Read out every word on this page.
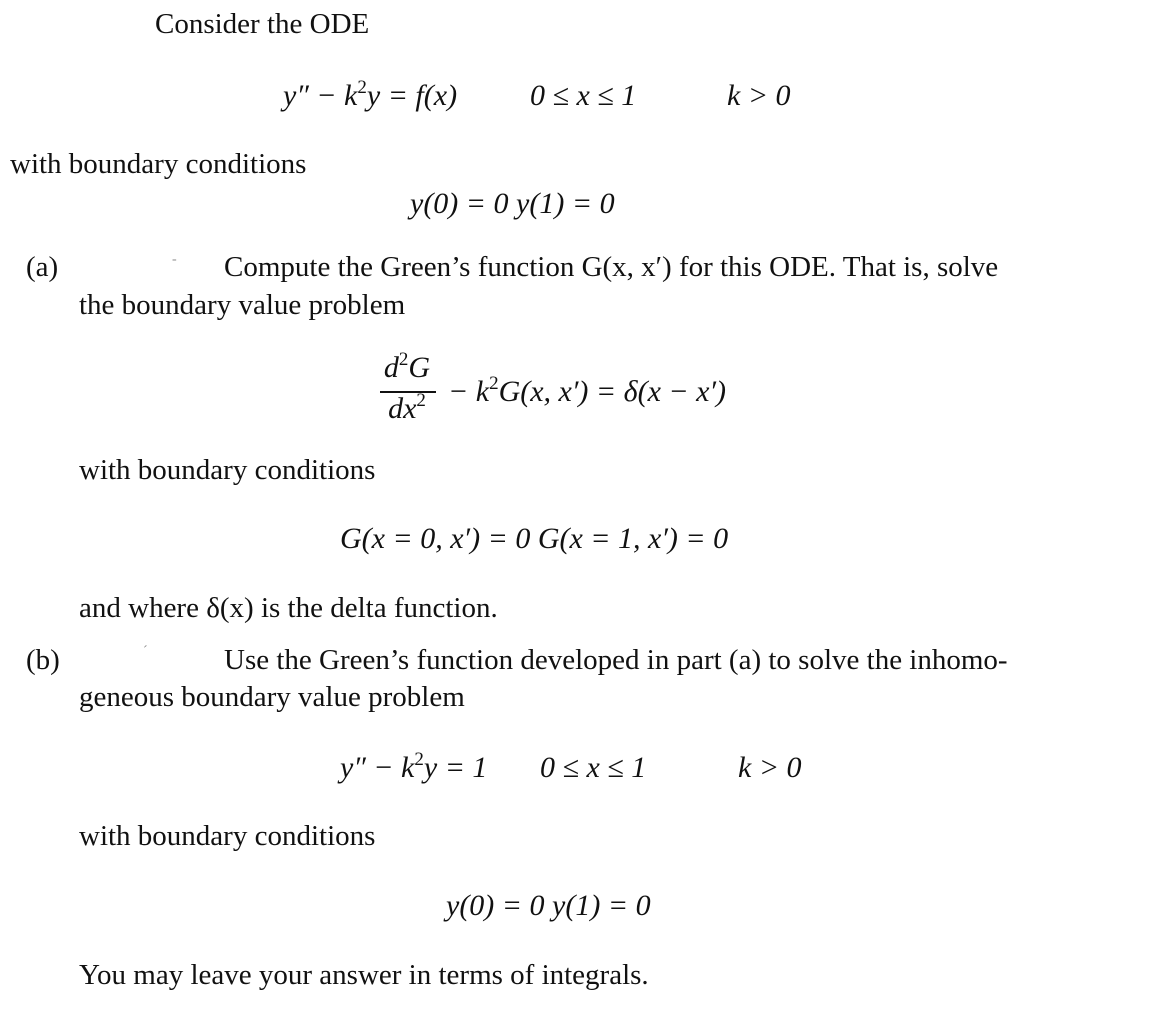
Consider the ODE
$y'' - k^2y = f(x) 0 \le x \le 1$	k > 0
with boundary conditions
y(0) = 0 y(1) = 0
(a)	- Compute the Green’s function G(x, x′) for this ODE. That is, solve
the boundary value problem
$d^2G$
$dx^2 - k^2G(x$, x′) = δ(x − x′)
with boundary conditions
G(x = 0, x′) = 0 G(x = 1, x′) = 0
and where δ(x) is the delta function.
(b)	´	Use the Green’s function developed in part (a) to solve the inhomo-
geneous boundary value problem
$y'' - k^2y = 1$ 0 ≤ x ≤ 1	k > 0
with boundary conditions
y(0) = 0 y(1) = 0
You may leave your answer in terms of integrals.
